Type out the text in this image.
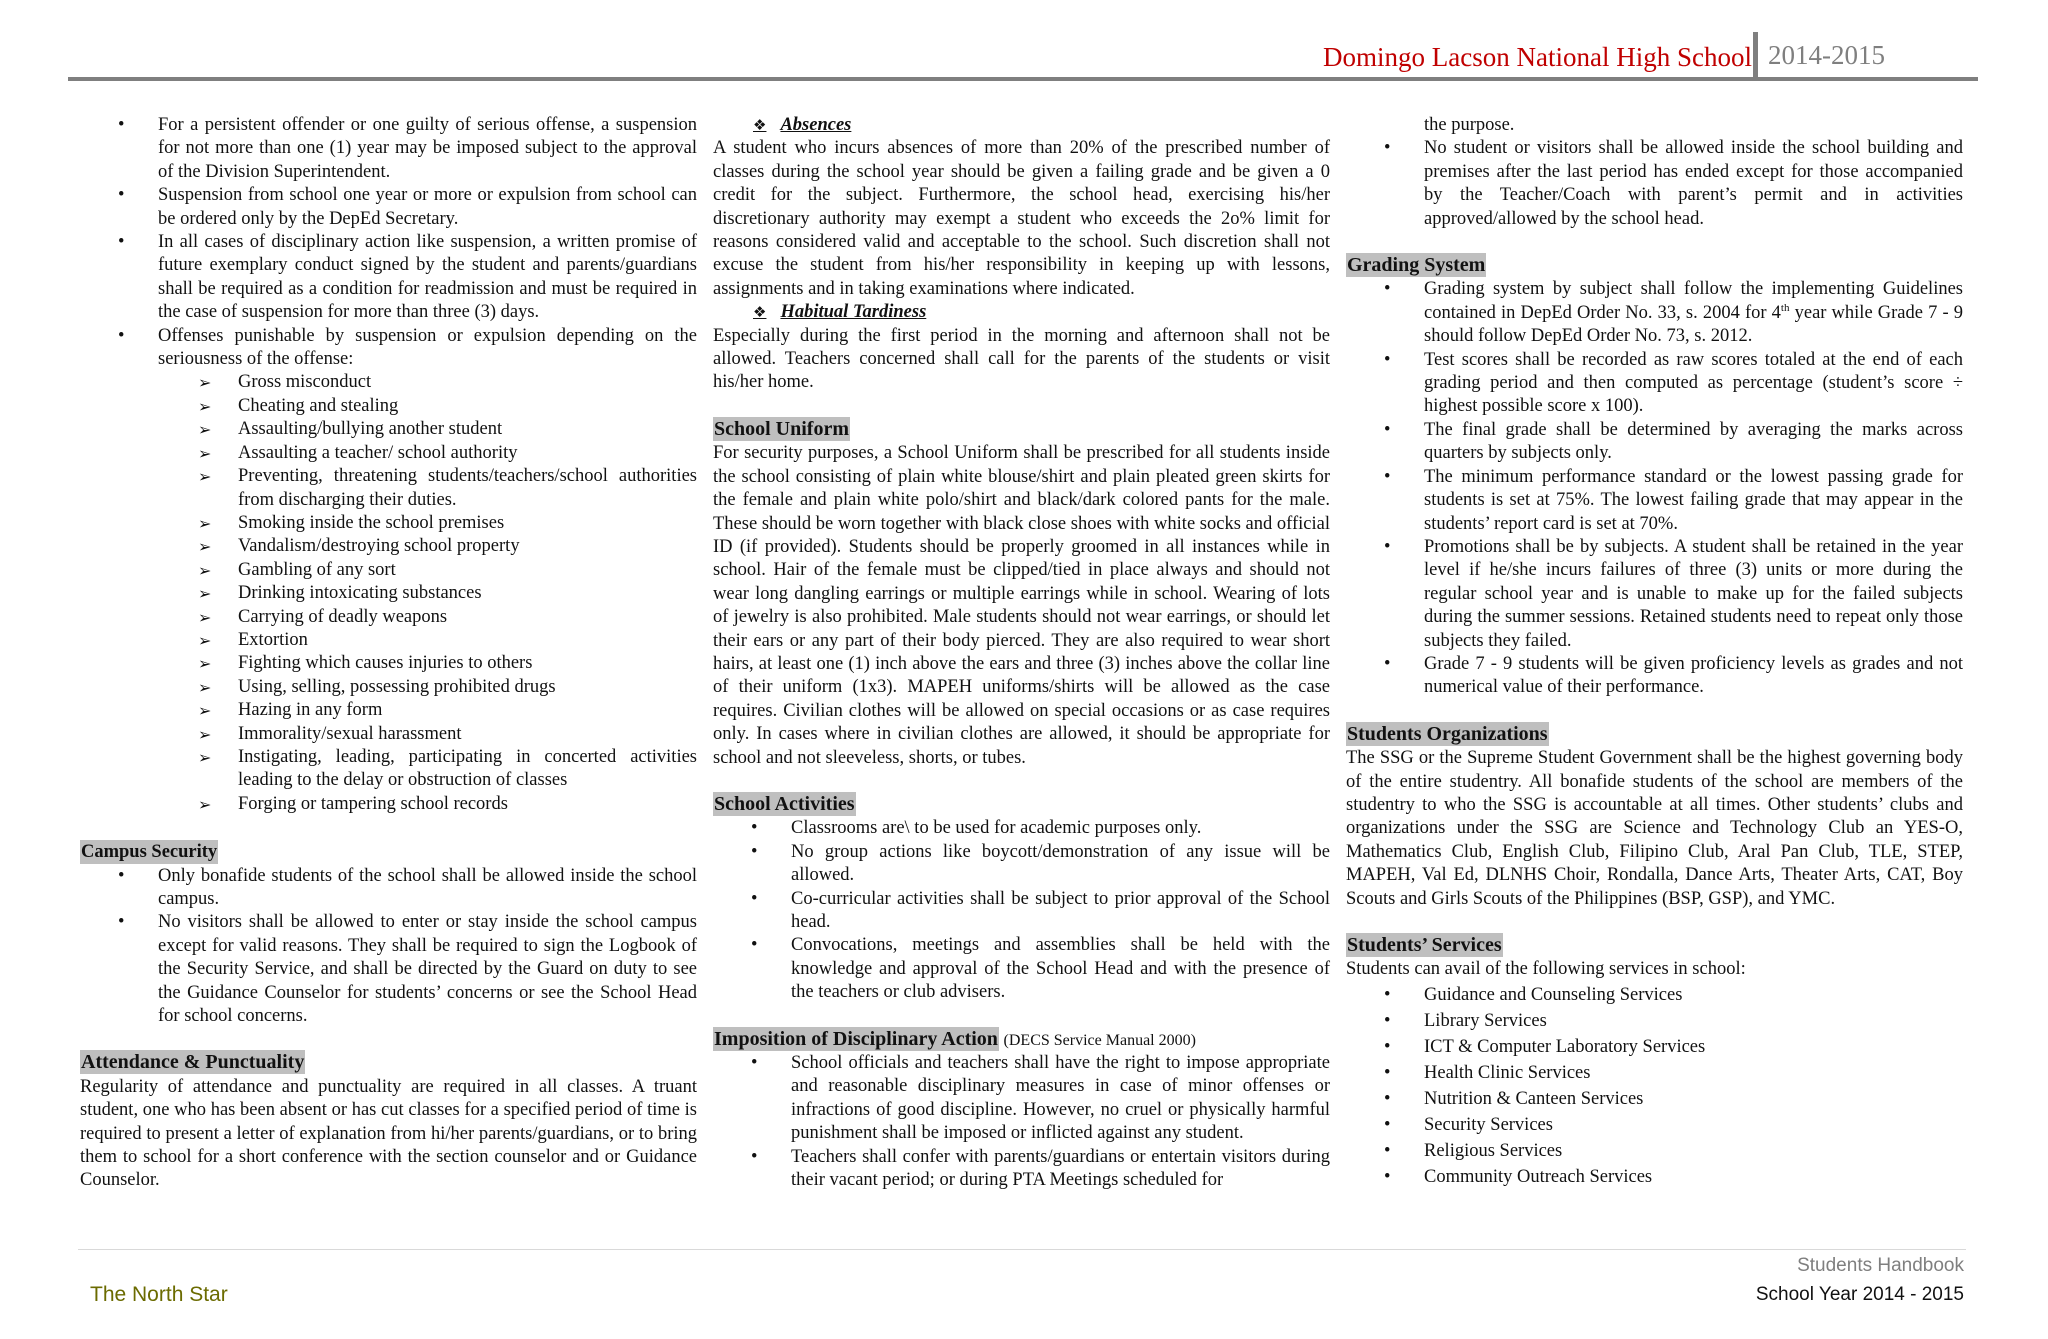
Domingo Lacson National High School 2014-2015
• For a persistent offender or one guilty of serious offense, a suspension for not more than one (1) year may be imposed subject to the approval of the Division Superintendent.
• Suspension from school one year or more or expulsion from school can be ordered only by the DepEd Secretary.
• In all cases of disciplinary action like suspension, a written promise of future exemplary conduct signed by the student and parents/guardians shall be required as a condition for readmission and must be required in the case of suspension for more than three (3) days.
• Offenses punishable by suspension or expulsion depending on the seriousness of the offense:
➢ Gross misconduct
➢ Cheating and stealing
➢ Assaulting/bullying another student
➢ Assaulting a teacher/ school authority
➢ Preventing, threatening students/teachers/school authorities from discharging their duties.
➢ Smoking inside the school premises
➢ Vandalism/destroying school property
➢ Gambling of any sort
➢ Drinking intoxicating substances
➢ Carrying of deadly weapons
➢ Extortion
➢ Fighting which causes injuries to others
➢ Using, selling, possessing prohibited drugs
➢ Hazing in any form
➢ Immorality/sexual harassment
➢ Instigating, leading, participating in concerted activities leading to the delay or obstruction of classes
➢ Forging or tampering school records
Campus Security
• Only bonafide students of the school shall be allowed inside the school campus.
• No visitors shall be allowed to enter or stay inside the school campus except for valid reasons. They shall be required to sign the Logbook of the Security Service, and shall be directed by the Guard on duty to see the Guidance Counselor for students’ concerns or see the School Head for school concerns.
Attendance & Punctuality

Regularity of attendance and punctuality are required in all classes. A truant student, one who has been absent or has cut classes for a specified period of time is required to present a letter of explanation from hi/her parents/guardians, or to bring them to school for a short conference with the section counselor and or Guidance Counselor.

❖ Absences

A student who incurs absences of more than 20% of the prescribed number of classes during the school year should be given a failing grade and be given a 0 credit for the subject. Furthermore, the school head, exercising his/her discretionary authority may exempt a student who exceeds the 2o% limit for reasons considered valid and acceptable to the school. Such discretion shall not excuse the student from his/her responsibility in keeping up with lessons, assignments and in taking examinations where indicated.

❖ Habitual Tardiness

Especially during the first period in the morning and afternoon shall not be allowed. Teachers concerned shall call for the parents of the students or visit his/her home.

School Uniform

For security purposes, a School Uniform shall be prescribed for all students inside the school consisting of plain white blouse/shirt and plain pleated green skirts for the female and plain white polo/shirt and black/dark colored pants for the male. These should be worn together with black close shoes with white socks and official ID (if provided). Students should be properly groomed in all instances while in school. Hair of the female must be clipped/tied in place always and should not wear long dangling earrings or multiple earrings while in school. Wearing of lots of jewelry is also prohibited. Male students should not wear earrings, or should let their ears or any part of their body pierced. They are also required to wear short hairs, at least one (1) inch above the ears and three (3) inches above the collar line of their uniform (1x3). MAPEH uniforms/shirts will be allowed as the case requires. Civilian clothes will be allowed on special occasions or as case requires only. In cases where in civilian clothes are allowed, it should be appropriate for school and not sleeveless, shorts, or tubes.

School Activities
• Classrooms are\ to be used for academic purposes only.
• No group actions like boycott/demonstration of any issue will be allowed.
• Co-curricular activities shall be subject to prior approval of the School head.
• Convocations, meetings and assemblies shall be held with the knowledge and approval of the School Head and with the presence of the teachers or club advisers.
Imposition of Disciplinary Action (DECS Service Manual 2000)
• School officials and teachers shall have the right to impose appropriate and reasonable disciplinary measures in case of minor offenses or infractions of good discipline. However, no cruel or physically harmful punishment shall be imposed or inflicted against any student.
• Teachers shall confer with parents/guardians or entertain visitors during their vacant period; or during PTA Meetings scheduled for

the purpose.

• No student or visitors shall be allowed inside the school building and premises after the last period has ended except for those accompanied by the Teacher/Coach with parent’s permit and in activities approved/allowed by the school head.
Grading System
• Grading system by subject shall follow the implementing Guidelines contained in DepEd Order No. 33, s. 2004 for 4th year while Grade 7 - 9 should follow DepEd Order No. 73, s. 2012.
• Test scores shall be recorded as raw scores totaled at the end of each grading period and then computed as percentage (student’s score ÷ highest possible score x 100).
• The final grade shall be determined by averaging the marks across quarters by subjects only.
• The minimum performance standard or the lowest passing grade for students is set at 75%. The lowest failing grade that may appear in the students’ report card is set at 70%.
• Promotions shall be by subjects. A student shall be retained in the year level if he/she incurs failures of three (3) units or more during the regular school year and is unable to make up for the failed subjects during the summer sessions. Retained students need to repeat only those subjects they failed.
• Grade 7 - 9 students will be given proficiency levels as grades and not numerical value of their performance.
Students Organizations

The SSG or the Supreme Student Government shall be the highest governing body of the entire studentry. All bonafide students of the school are members of the studentry to who the SSG is accountable at all times. Other students’ clubs and organizations under the SSG are Science and Technology Club an YES-O, Mathematics Club, English Club, Filipino Club, Aral Pan Club, TLE, STEP, MAPEH, Val Ed, DLNHS Choir, Rondalla, Dance Arts, Theater Arts, CAT, Boy Scouts and Girls Scouts of the Philippines (BSP, GSP), and YMC.

Students’ Services

Students can avail of the following services in school:

• Guidance and Counseling Services
• Library Services
• ICT & Computer Laboratory Services
• Health Clinic Services
• Nutrition & Canteen Services
• Security Services
• Religious Services
• Community Outreach Services
The North Star
Students Handbook
School Year 2014 - 2015
